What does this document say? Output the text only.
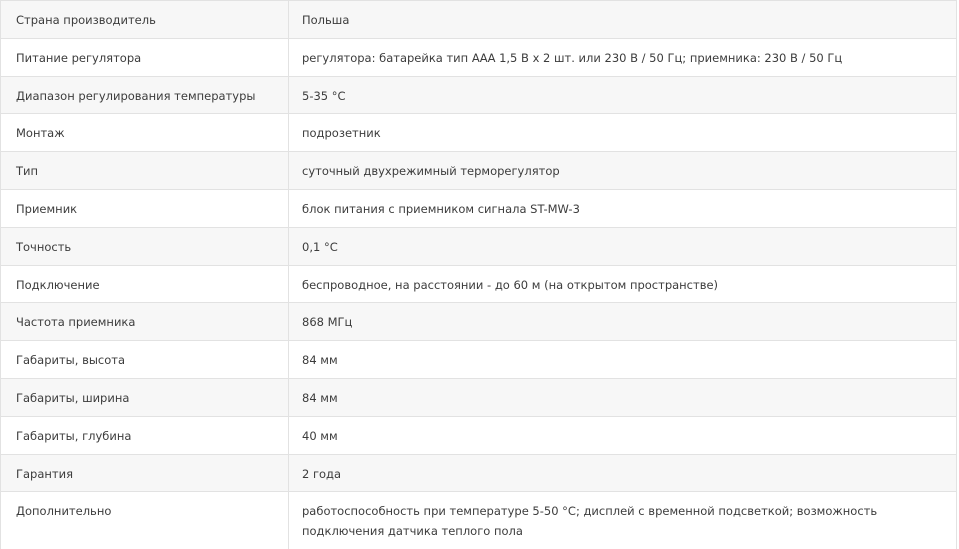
Страна производитель	Польша
Питание регулятора	регулятора: батарейка тип ААА 1,5 В х 2 шт. или 230 В / 50 Гц; приемника: 230 В / 50 Гц
Диапазон регулирования температуры	5-35 °C
Монтаж	подрозетник
Тип	суточный двухрежимный терморегулятор
Приемник	блок питания с приемником сигнала ST-MW-3
Точность	0,1 °C
Подключение	беспроводное, на расстоянии - до 60 м (на открытом пространстве)
Частота приемника	868 МГц
Габариты, высота	84 мм
Габариты, ширина	84 мм
Габариты, глубина	40 мм
Гарантия	2 года
Дополнительно	работоспособность при температуре 5-50 °C; дисплей с временной подсветкой; возможность подключения датчика теплого пола
